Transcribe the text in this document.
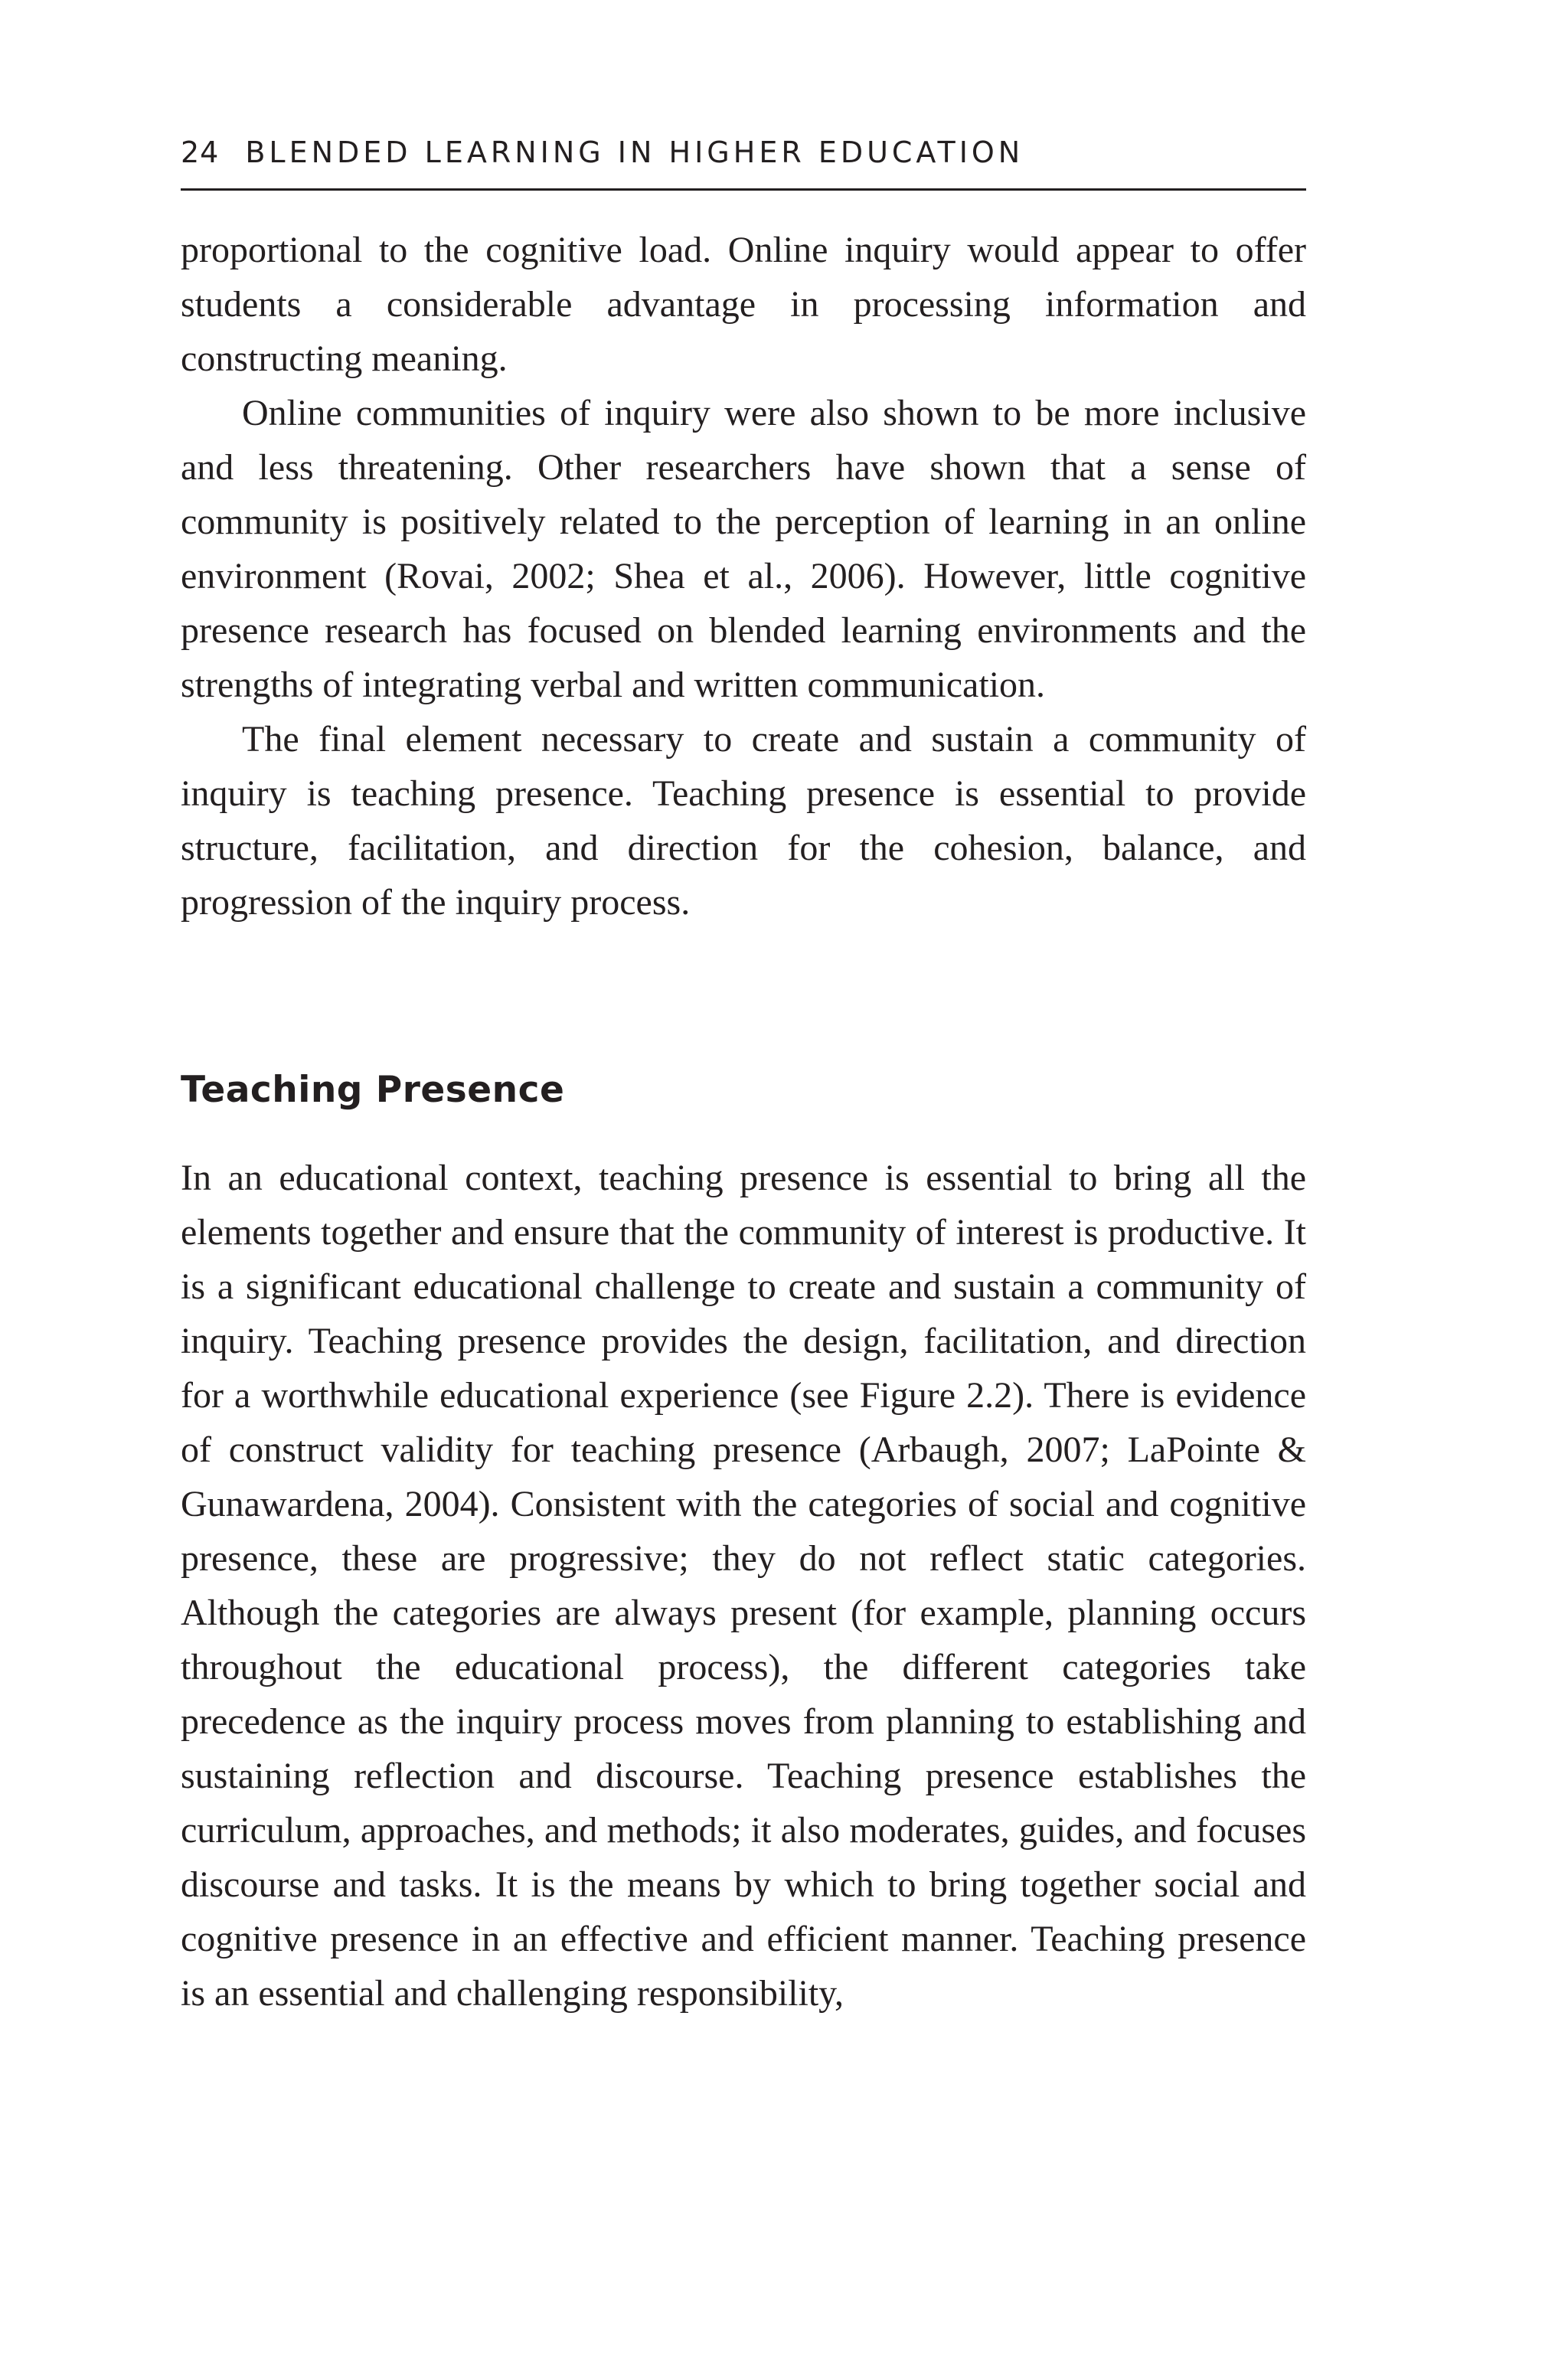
24 BLENDED LEARNING IN HIGHER EDUCATION

proportional to the cognitive load. Online inquiry would appear to offer students a considerable advantage in processing information and constructing meaning.

Online communities of inquiry were also shown to be more inclusive and less threatening. Other researchers have shown that a sense of community is positively related to the perception of learning in an online environment (Rovai, 2002; Shea et al., 2006). However, little cognitive presence research has focused on blended learning environments and the strengths of integrating verbal and written communication.

The final element necessary to create and sustain a community of inquiry is teaching presence. Teaching presence is essential to provide structure, facilitation, and direction for the cohesion, balance, and progression of the inquiry process.

Teaching Presence

In an educational context, teaching presence is essential to bring all the elements together and ensure that the community of interest is productive. It is a significant educational challenge to create and sustain a community of inquiry. Teaching presence provides the design, facilitation, and direction for a worthwhile educational experience (see Figure 2.2). There is evidence of construct validity for teaching presence (Arbaugh, 2007; LaPointe & Gunawardena, 2004). Consistent with the categories of social and cognitive presence, these are progressive; they do not reflect static categories. Although the categories are always present (for example, planning occurs throughout the educational process), the different categories take precedence as the inquiry process moves from planning to establishing and sustaining reflection and discourse. Teaching presence establishes the curriculum, approaches, and methods; it also moderates, guides, and focuses discourse and tasks. It is the means by which to bring together social and cognitive presence in an effective and efficient manner. Teaching presence is an essential and challenging responsibility,
